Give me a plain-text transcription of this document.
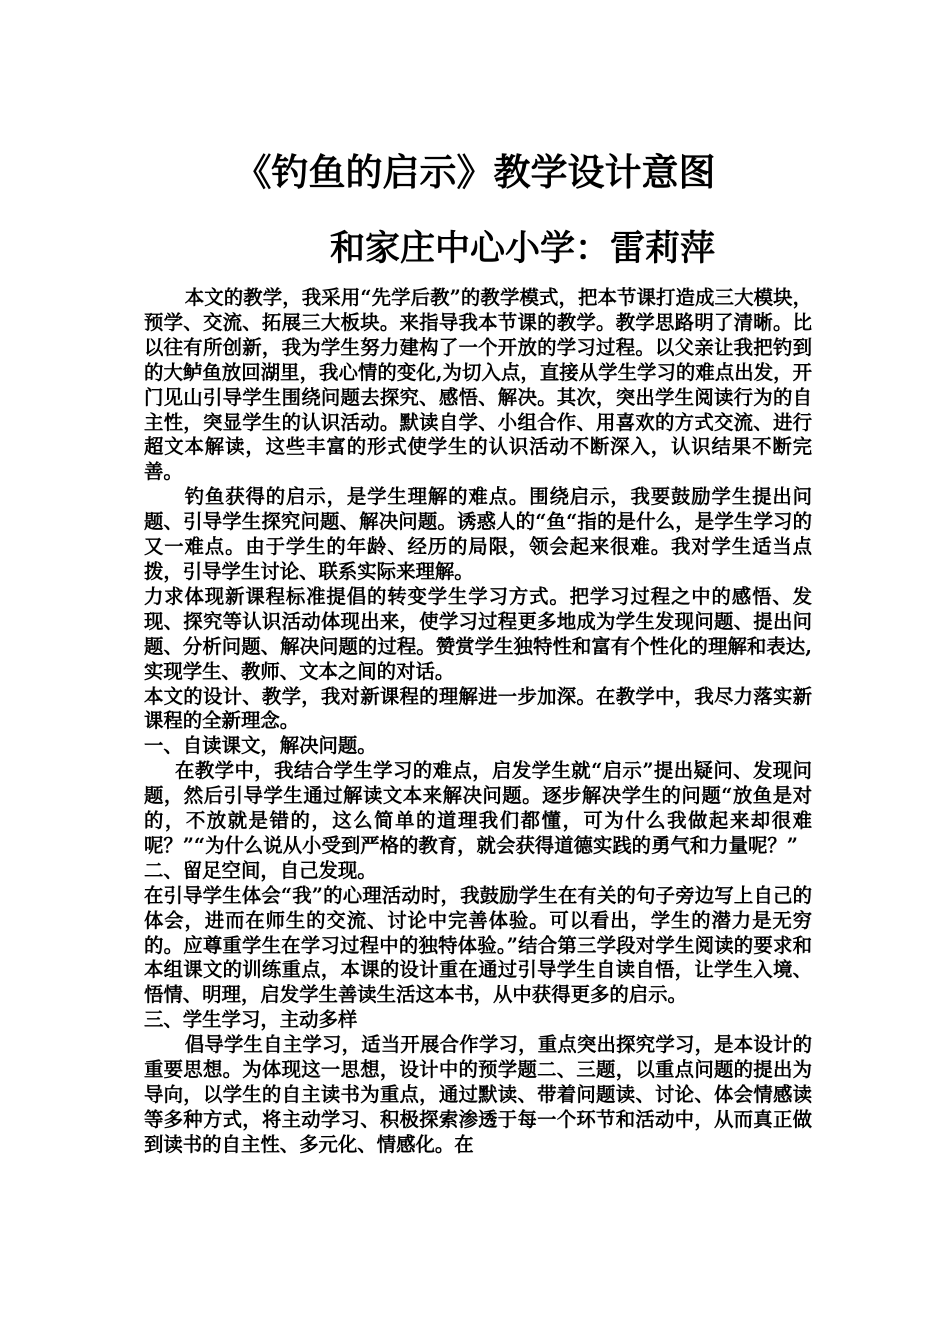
《钓鱼的启示》教学设计意图
和家庄中心小学：雷莉萍

本文的教学，我采用“先学后教”的教学模式，把本节课打造成三大模块，预学、交流、拓展三大板块。来指导我本节课的教学。教学思路明了清晰。比以往有所创新，我为学生努力建构了一个开放的学习过程。以父亲让我把钓到的大鲈鱼放回湖里，我心情的变化,为切入点，直接从学生学习的难点出发，开门见山引导学生围绕问题去探究、感悟、解决。其次，突出学生阅读行为的自主性，突显学生的认识活动。默读自学、小组合作、用喜欢的方式交流、进行超文本解读，这些丰富的形式使学生的认识活动不断深入，认识结果不断完善。

钓鱼获得的启示，是学生理解的难点。围绕启示，我要鼓励学生提出问题、引导学生探究问题、解决问题。诱惑人的“鱼“指的是什么，是学生学习的又一难点。由于学生的年龄、经历的局限，领会起来很难。我对学生适当点拨，引导学生讨论、联系实际来理解。

力求体现新课程标准提倡的转变学生学习方式。把学习过程之中的感悟、发现、探究等认识活动体现出来，使学习过程更多地成为学生发现问题、提出问题、分析问题、解决问题的过程。赞赏学生独特性和富有个性化的理解和表达,实现学生、教师、文本之间的对话。

本文的设计、教学，我对新课程的理解进一步加深。在教学中，我尽力落实新课程的全新理念。

一、自读课文，解决问题。

在教学中，我结合学生学习的难点，启发学生就“启示”提出疑问、发现问题，然后引导学生通过解读文本来解决问题。逐步解决学生的问题“放鱼是对的，不放就是错的，这么简单的道理我们都懂，可为什么我做起来却很难呢？”“为什么说从小受到严格的教育，就会获得道德实践的勇气和力量呢？”

二、留足空间，自己发现。

在引导学生体会“我”的心理活动时，我鼓励学生在有关的句子旁边写上自己的体会，进而在师生的交流、讨论中完善体验。可以看出，学生的潜力是无穷的。应尊重学生在学习过程中的独特体验。”结合第三学段对学生阅读的要求和本组课文的训练重点，本课的设计重在通过引导学生自读自悟，让学生入境、悟情、明理，启发学生善读生活这本书，从中获得更多的启示。

三、学生学习，主动多样

倡导学生自主学习，适当开展合作学习，重点突出探究学习，是本设计的重要思想。为体现这一思想，设计中的预学题二、三题，以重点问题的提出为导向，以学生的自主读书为重点，通过默读、带着问题读、讨论、体会情感读等多种方式，将主动学习、积极探索渗透于每一个环节和活动中，从而真正做到读书的自主性、多元化、情感化。在
